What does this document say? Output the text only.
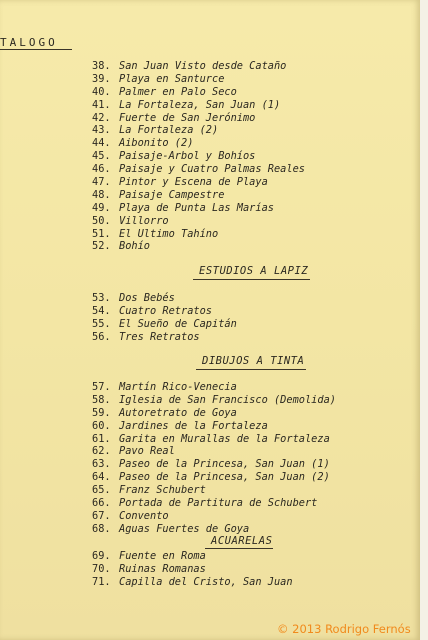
TALOGO
38. San Juan Visto desde Cataño
39. Playa en Santurce
40. Palmer en Palo Seco
41. La Fortaleza, San Juan (1)
42. Fuerte de San Jerónimo
43. La Fortaleza (2)
44. Aibonito (2)
45. Paisaje-Arbol y Bohíos
46. Paisaje y Cuatro Palmas Reales
47. Pintor y Escena de Playa
48. Paisaje Campestre
49. Playa de Punta Las Marías
50. Villorro
51. El Ultimo Tahíno
52. Bohío
ESTUDIOS A LAPIZ
53. Dos Bebés
54. Cuatro Retratos
55. El Sueño de Capitán
56. Tres Retratos
DIBUJOS A TINTA
57. Martín Rico-Venecia
58. Iglesia de San Francisco (Demolida)
59. Autoretrato de Goya
60. Jardines de la Fortaleza
61. Garita en Murallas de la Fortaleza
62. Pavo Real
63. Paseo de la Princesa, San Juan (1)
64. Paseo de la Princesa, San Juan (2)
65. Franz Schubert
66. Portada de Partitura de Schubert
67. Convento
68. Aguas Fuertes de Goya
ACUARELAS
69. Fuente en Roma
70. Ruinas Romanas
71. Capilla del Cristo, San Juan
© 2013 Rodrigo Fernós
